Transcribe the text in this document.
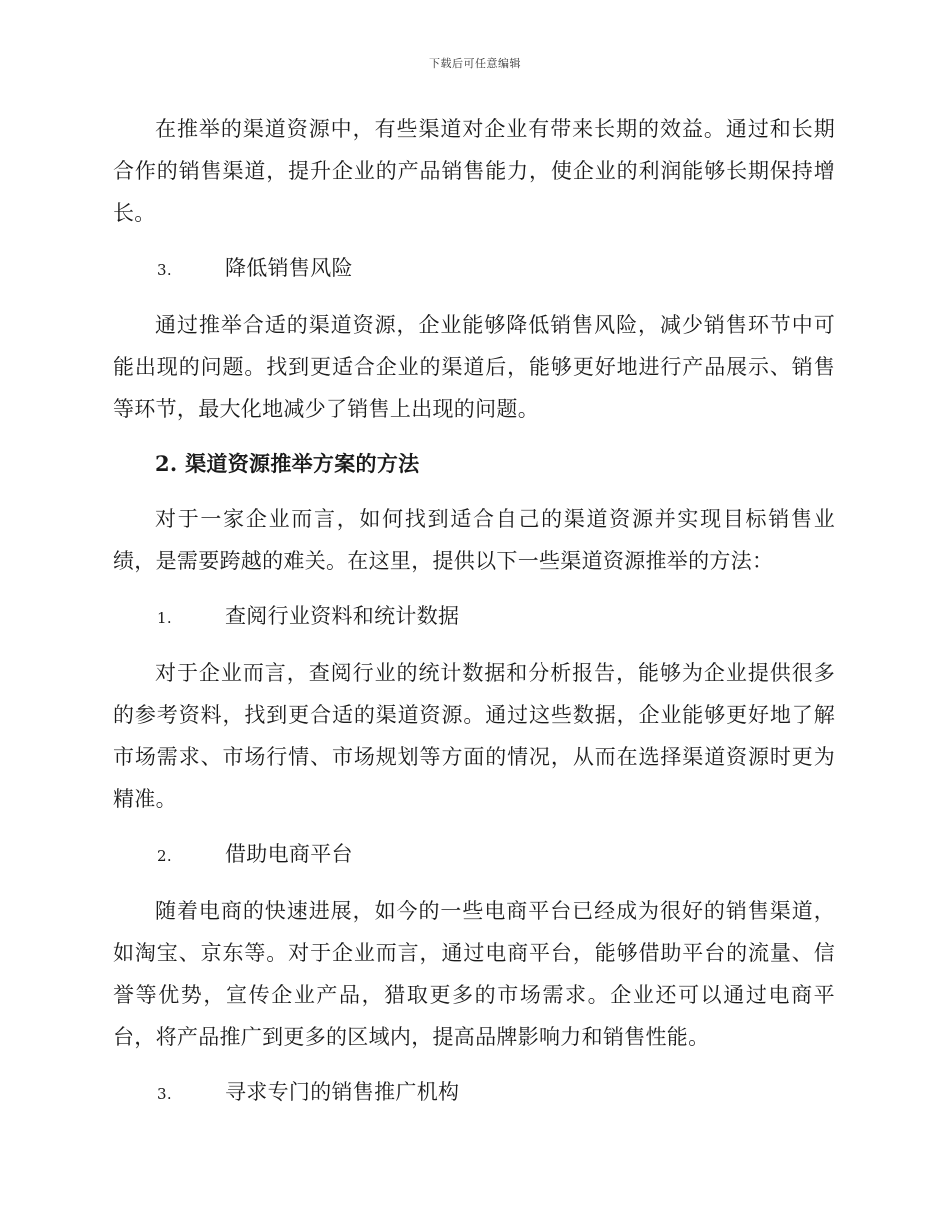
下载后可任意编辑

在推举的渠道资源中，有些渠道对企业有带来长期的效益。通过和长期合作的销售渠道，提升企业的产品销售能力，使企业的利润能够长期保持增长。

3.	降低销售风险

通过推举合适的渠道资源，企业能够降低销售风险，减少销售环节中可能出现的问题。找到更适合企业的渠道后，能够更好地进行产品展示、销售等环节，最大化地减少了销售上出现的问题。

2. 渠道资源推举方案的方法

对于一家企业而言，如何找到适合自己的渠道资源并实现目标销售业绩，是需要跨越的难关。在这里，提供以下一些渠道资源推举的方法：

1.	查阅行业资料和统计数据

对于企业而言，查阅行业的统计数据和分析报告，能够为企业提供很多的参考资料，找到更合适的渠道资源。通过这些数据，企业能够更好地了解市场需求、市场行情、市场规划等方面的情况，从而在选择渠道资源时更为精准。

2.	借助电商平台

随着电商的快速进展，如今的一些电商平台已经成为很好的销售渠道，如淘宝、京东等。对于企业而言，通过电商平台，能够借助平台的流量、信誉等优势，宣传企业产品，猎取更多的市场需求。企业还可以通过电商平台，将产品推广到更多的区域内，提高品牌影响力和销售性能。

3.	寻求专门的销售推广机构
